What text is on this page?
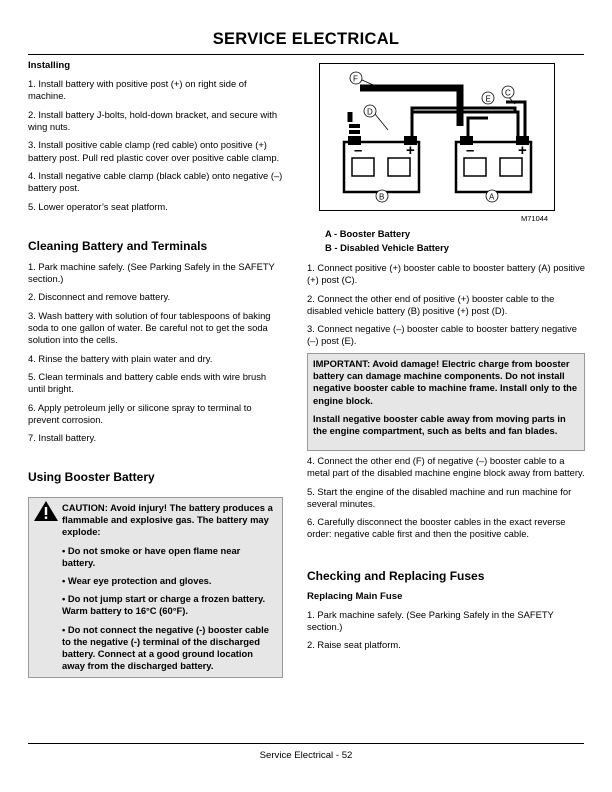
SERVICE ELECTRICAL
Installing

1. Install battery with positive post (+) on right side of machine.

2. Install battery J-bolts, hold-down bracket, and secure with wing nuts.

3. Install positive cable clamp (red cable) onto positive (+) battery post. Pull red plastic cover over positive cable clamp.

4. Install negative cable clamp (black cable) onto negative (–) battery post.

5. Lower operator’s seat platform.

Cleaning Battery and Terminals

1. Park machine safely. (See Parking Safely in the SAFETY section.)

2. Disconnect and remove battery.

3. Wash battery with solution of four tablespoons of baking soda to one gallon of water. Be careful not to get the soda solution into the cells.

4. Rinse the battery with plain water and dry.

5. Clean terminals and battery cable ends with wire brush until bright.

6. Apply petroleum jelly or silicone spray to terminal to prevent corrosion.

7. Install battery.

Using Booster Battery

CAUTION: Avoid injury! The battery produces a flammable and explosive gas. The battery may explode:

• Do not smoke or have open flame near battery.

• Wear eye protection and gloves.

• Do not jump start or charge a frozen battery. Warm battery to 16°C (60°F).

• Do not connect the negative (-) booster cable to the negative (-) terminal of the discharged battery. Connect at a good ground location away from the discharged battery.

–	+	–	+
F
D
E
C
B	A
M71044
A - Booster Battery
B - Disabled Vehicle Battery

1. Connect positive (+) booster cable to booster battery (A) positive (+) post (C).

2. Connect the other end of positive (+) booster cable to the disabled vehicle battery (B) positive (+) post (D).

3. Connect negative (–) booster cable to booster battery negative (–) post (E).

IMPORTANT: Avoid damage! Electric charge from booster battery can damage machine components. Do not install negative booster cable to machine frame. Install only to the engine block.

Install negative booster cable away from moving parts in the engine compartment, such as belts and fan blades.

4. Connect the other end (F) of negative (–) booster cable to a metal part of the disabled machine engine block away from battery.

5. Start the engine of the disabled machine and run machine for several minutes.

6. Carefully disconnect the booster cables in the exact reverse order: negative cable first and then the positive cable.

Checking and Replacing Fuses
Replacing Main Fuse

1. Park machine safely. (See Parking Safely in the SAFETY section.)

2. Raise seat platform.

Service Electrical - 52
